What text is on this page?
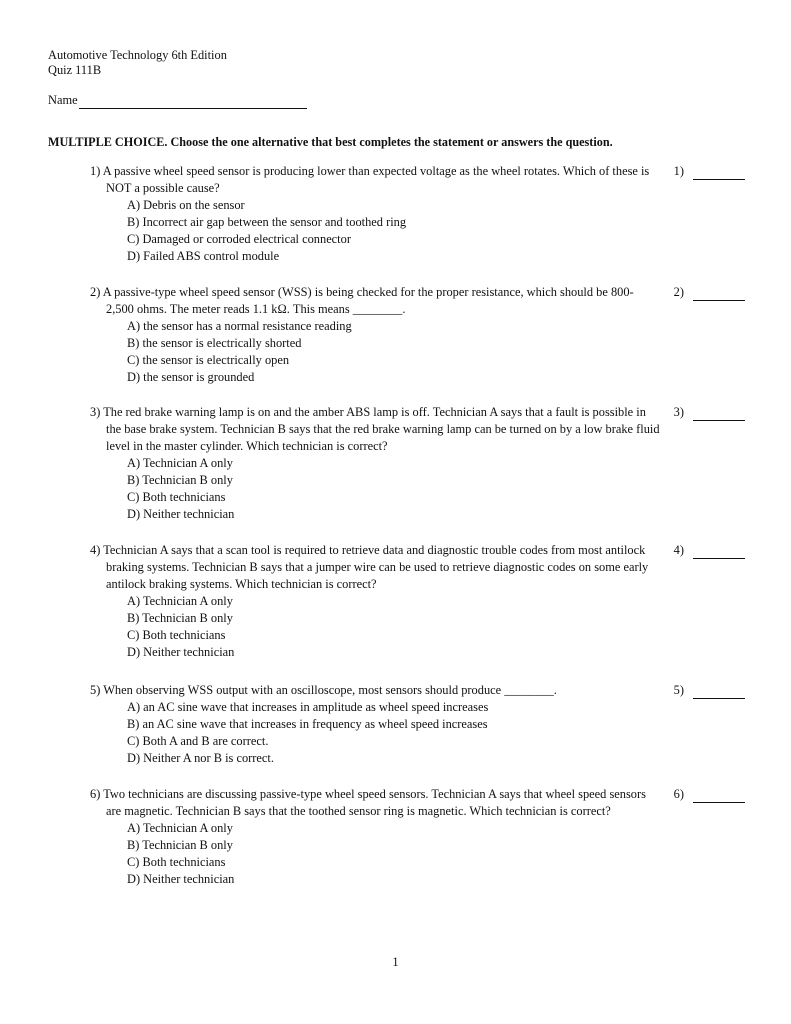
Automotive Technology 6th Edition
Quiz 111B
Name
MULTIPLE CHOICE. Choose the one alternative that best completes the statement or answers the question.
1) A passive wheel speed sensor is producing lower than expected voltage as the wheel rotates. Which of these is NOT a possible cause?
A) Debris on the sensor
B) Incorrect air gap between the sensor and toothed ring
C) Damaged or corroded electrical connector
D) Failed ABS control module
1)
2) A passive-type wheel speed sensor (WSS) is being checked for the proper resistance, which should be 800-2,500 ohms. The meter reads 1.1 kΩ. This means ________.
A) the sensor has a normal resistance reading
B) the sensor is electrically shorted
C) the sensor is electrically open
D) the sensor is grounded
2)
3) The red brake warning lamp is on and the amber ABS lamp is off. Technician A says that a fault is possible in the base brake system. Technician B says that the red brake warning lamp can be turned on by a low brake fluid level in the master cylinder. Which technician is correct?
A) Technician A only
B) Technician B only
C) Both technicians
D) Neither technician
3)
4) Technician A says that a scan tool is required to retrieve data and diagnostic trouble codes from most antilock braking systems. Technician B says that a jumper wire can be used to retrieve diagnostic codes on some early antilock braking systems. Which technician is correct?
A) Technician A only
B) Technician B only
C) Both technicians
D) Neither technician
4)
5) When observing WSS output with an oscilloscope, most sensors should produce ________.
A) an AC sine wave that increases in amplitude as wheel speed increases
B) an AC sine wave that increases in frequency as wheel speed increases
C) Both A and B are correct.
D) Neither A nor B is correct.
5)
6) Two technicians are discussing passive-type wheel speed sensors. Technician A says that wheel speed sensors are magnetic. Technician B says that the toothed sensor ring is magnetic. Which technician is correct?
A) Technician A only
B) Technician B only
C) Both technicians
D) Neither technician
6)
1
